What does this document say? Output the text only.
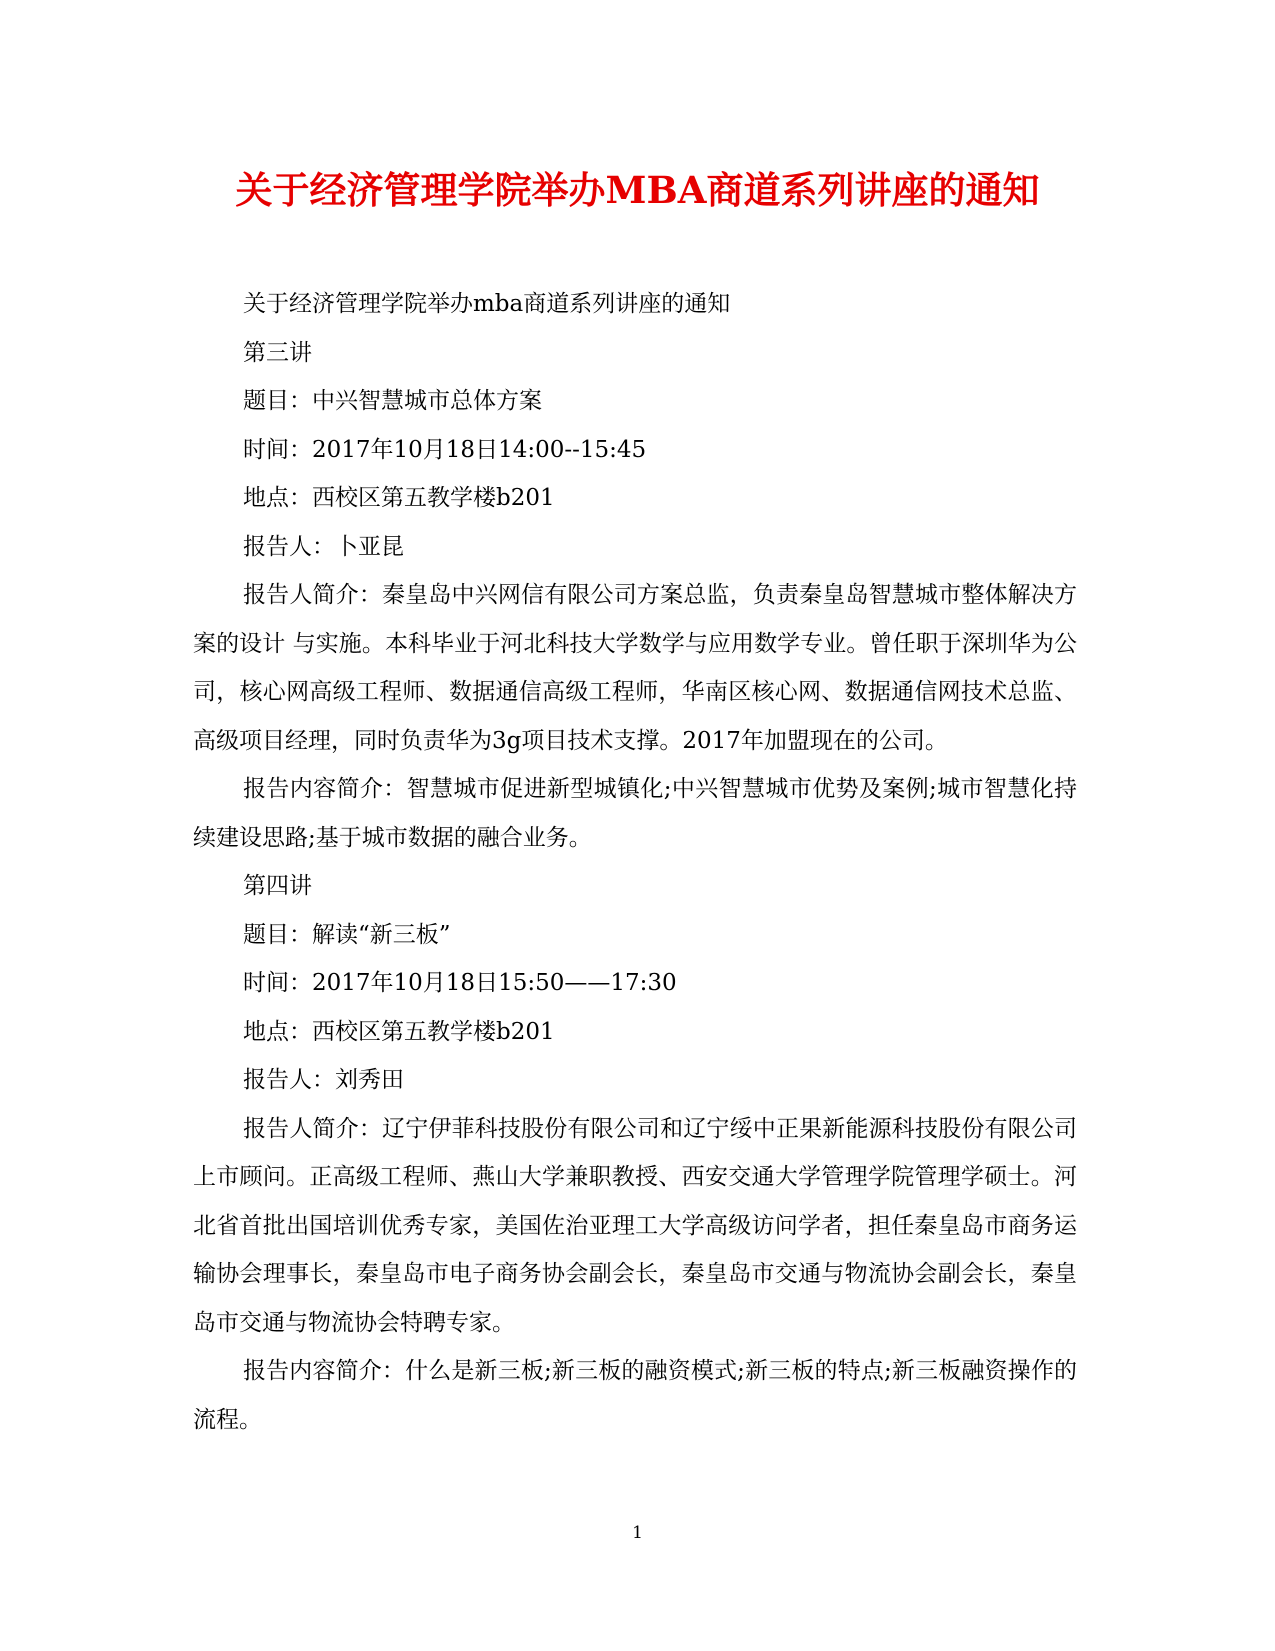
关于经济管理学院举办MBA商道系列讲座的通知

关于经济管理学院举办mba商道系列讲座的通知

第三讲

题目：中兴智慧城市总体方案

时间：2017年10月18日14:00--15:45

地点：西校区第五教学楼b201

报告人：卜亚昆

报告人简介：秦皇岛中兴网信有限公司方案总监，负责秦皇岛智慧城市整体解决方案的设计 与实施。本科毕业于河北科技大学数学与应用数学专业。曾任职于深圳华为公司，核心网高级工程师、数据通信高级工程师，华南区核心网、数据通信网技术总监、高级项目经理，同时负责华为3g项目技术支撑。2017年加盟现在的公司。

报告内容简介：智慧城市促进新型城镇化;中兴智慧城市优势及案例;城市智慧化持续建设思路;基于城市数据的融合业务。

第四讲

题目：解读“新三板”

时间：2017年10月18日15:50——17:30

地点：西校区第五教学楼b201

报告人：刘秀田

报告人简介：辽宁伊菲科技股份有限公司和辽宁绥中正果新能源科技股份有限公司上市顾问。正高级工程师、燕山大学兼职教授、西安交通大学管理学院管理学硕士。河北省首批出国培训优秀专家，美国佐治亚理工大学高级访问学者，担任秦皇岛市商务运输协会理事长，秦皇岛市电子商务协会副会长，秦皇岛市交通与物流协会副会长，秦皇岛市交通与物流协会特聘专家。

报告内容简介：什么是新三板;新三板的融资模式;新三板的特点;新三板融资操作的流程。

1
